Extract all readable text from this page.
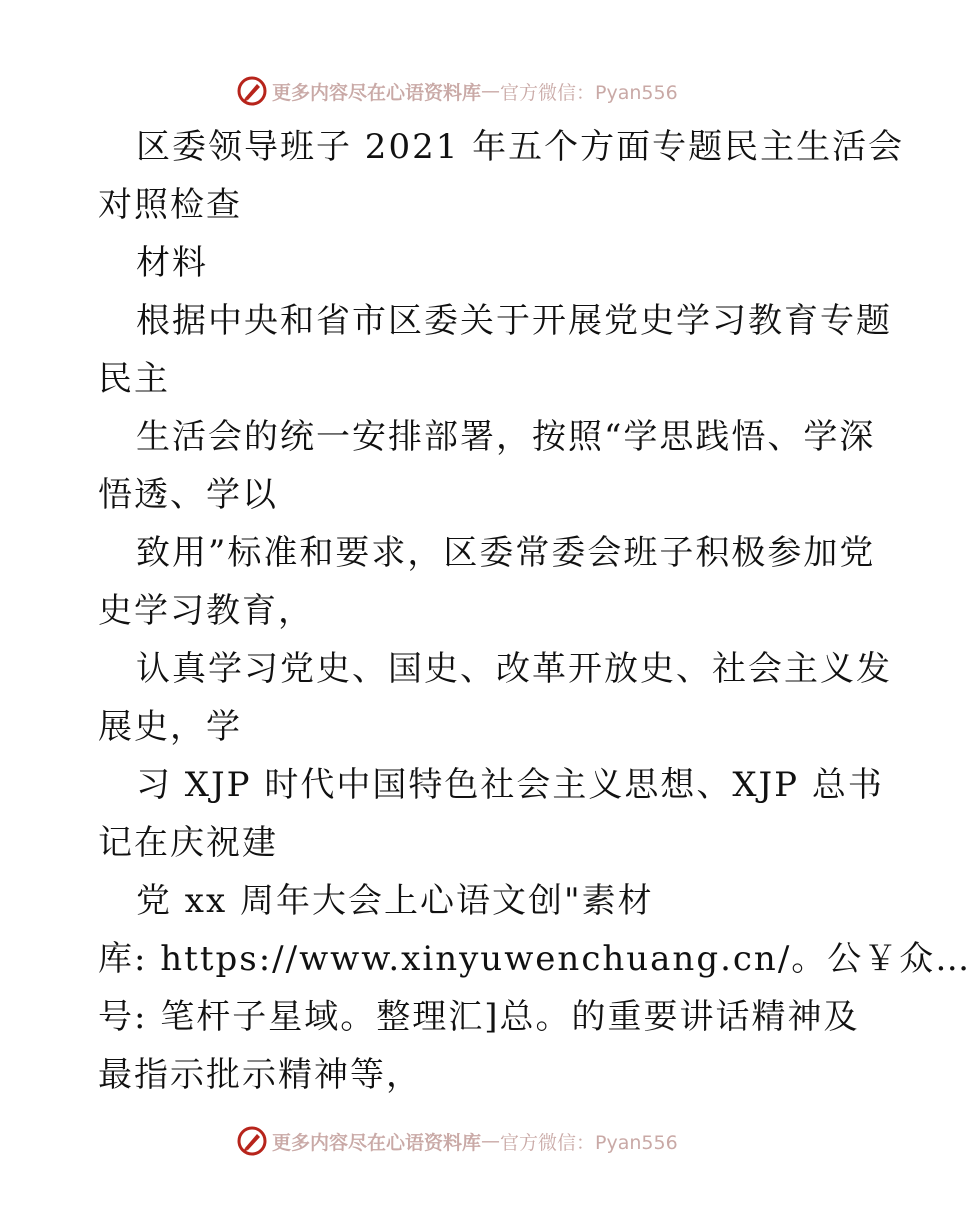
更多内容尽在心语资料库 — 官方微信：Pyan556
区委领导班子 2021 年五个方面专题民主生活会
对照检查
材料
根据中央和省市区委关于开展党史学习教育专题
民主
生活会的统一安排部署，按照“学思践悟、学深
悟透、学以
致用”标准和要求，区委常委会班子积极参加党
史学习教育，
认真学习党史、国史、改革开放史、社会主义发
展史，学
习 XJP 时代中国特色社会主义思想、XJP 总书
记在庆祝建
党 xx 周年大会上心语文创"素材
库: https://www.xinyuwenchuang.cn/。公￥众…
号: 笔杆子星域。整理汇]总。的重要讲话精神及
最指示批示精神等，
更多内容尽在心语资料库 — 官方微信：Pyan556
